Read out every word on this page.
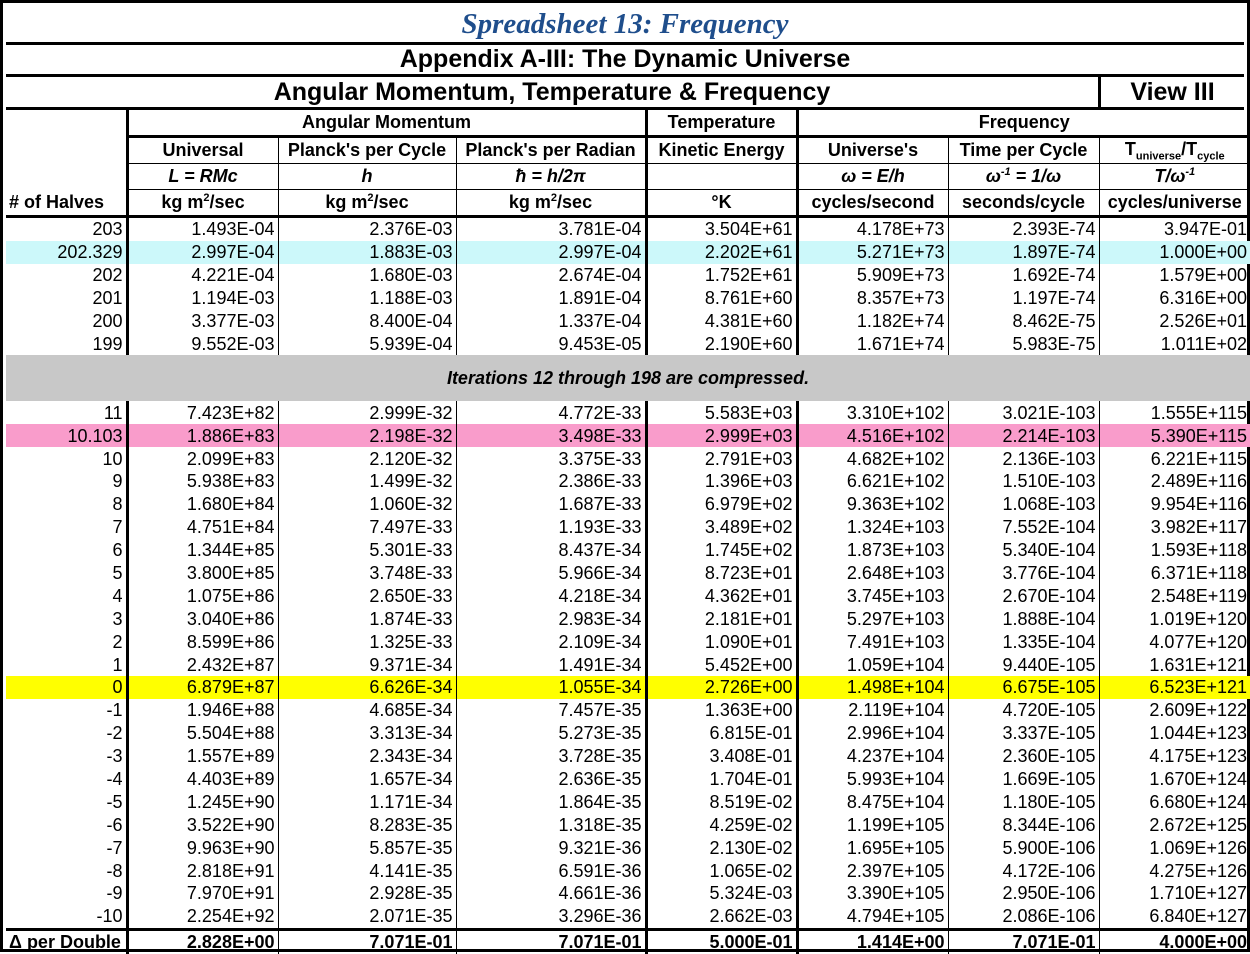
Spreadsheet 13: Frequency
Appendix A-III: The Dynamic Universe
Angular Momentum, Temperature & Frequency	View III
	Angular Momentum			Temperature	Frequency		
	Universal	Planck's per Cycle	Planck's per Radian	Kinetic Energy	Universe's	Time per Cycle	$T_{universe}/T_{cycle}$
	L = RMc	h	ħ = h/2π		ω = E/h	$\omega^{-1} = 1/\omega$	$T/\omega^{-1}$
# of Halves	kg $m^2/\sec$	kg $m^2/\sec$	kg $m^2/\sec$	°K	cycles/second	seconds/cycle	cycles/universe
203	1.493E-04	2.376E-03	3.781E-04	3.504E+61	4.178E+73	2.393E-74	3.947E-01
202.329	2.997E-04	1.883E-03	2.997E-04	2.202E+61	5.271E+73	1.897E-74	1.000E+00
202	4.221E-04	1.680E-03	2.674E-04	1.752E+61	5.909E+73	1.692E-74	1.579E+00
201	1.194E-03	1.188E-03	1.891E-04	8.761E+60	8.357E+73	1.197E-74	6.316E+00
200	3.377E-03	8.400E-04	1.337E-04	4.381E+60	1.182E+74	8.462E-75	2.526E+01
199	9.552E-03	5.939E-04	9.453E-05	2.190E+60	1.671E+74	5.983E-75	1.011E+02
Iterations 12 through 198 are compressed.							
11	7.423E+82	2.999E-32	4.772E-33	5.583E+03	3.310E+102	3.021E-103	1.555E+115
10.103	1.886E+83	2.198E-32	3.498E-33	2.999E+03	4.516E+102	2.214E-103	5.390E+115
10	2.099E+83	2.120E-32	3.375E-33	2.791E+03	4.682E+102	2.136E-103	6.221E+115
9	5.938E+83	1.499E-32	2.386E-33	1.396E+03	6.621E+102	1.510E-103	2.489E+116
8	1.680E+84	1.060E-32	1.687E-33	6.979E+02	9.363E+102	1.068E-103	9.954E+116
7	4.751E+84	7.497E-33	1.193E-33	3.489E+02	1.324E+103	7.552E-104	3.982E+117
6	1.344E+85	5.301E-33	8.437E-34	1.745E+02	1.873E+103	5.340E-104	1.593E+118
5	3.800E+85	3.748E-33	5.966E-34	8.723E+01	2.648E+103	3.776E-104	6.371E+118
4	1.075E+86	2.650E-33	4.218E-34	4.362E+01	3.745E+103	2.670E-104	2.548E+119
3	3.040E+86	1.874E-33	2.983E-34	2.181E+01	5.297E+103	1.888E-104	1.019E+120
2	8.599E+86	1.325E-33	2.109E-34	1.090E+01	7.491E+103	1.335E-104	4.077E+120
1	2.432E+87	9.371E-34	1.491E-34	5.452E+00	1.059E+104	9.440E-105	1.631E+121
0	6.879E+87	6.626E-34	1.055E-34	2.726E+00	1.498E+104	6.675E-105	6.523E+121
-1	1.946E+88	4.685E-34	7.457E-35	1.363E+00	2.119E+104	4.720E-105	2.609E+122
-2	5.504E+88	3.313E-34	5.273E-35	6.815E-01	2.996E+104	3.337E-105	1.044E+123
-3	1.557E+89	2.343E-34	3.728E-35	3.408E-01	4.237E+104	2.360E-105	4.175E+123
-4	4.403E+89	1.657E-34	2.636E-35	1.704E-01	5.993E+104	1.669E-105	1.670E+124
-5	1.245E+90	1.171E-34	1.864E-35	8.519E-02	8.475E+104	1.180E-105	6.680E+124
-6	3.522E+90	8.283E-35	1.318E-35	4.259E-02	1.199E+105	8.344E-106	2.672E+125
-7	9.963E+90	5.857E-35	9.321E-36	2.130E-02	1.695E+105	5.900E-106	1.069E+126
-8	2.818E+91	4.141E-35	6.591E-36	1.065E-02	2.397E+105	4.172E-106	4.275E+126
-9	7.970E+91	2.928E-35	4.661E-36	5.324E-03	3.390E+105	2.950E-106	1.710E+127
-10	2.254E+92	2.071E-35	3.296E-36	2.662E-03	4.794E+105	2.086E-106	6.840E+127
Δ per Double	2.828E+00	7.071E-01	7.071E-01	5.000E-01	1.414E+00	7.071E-01	4.000E+00
